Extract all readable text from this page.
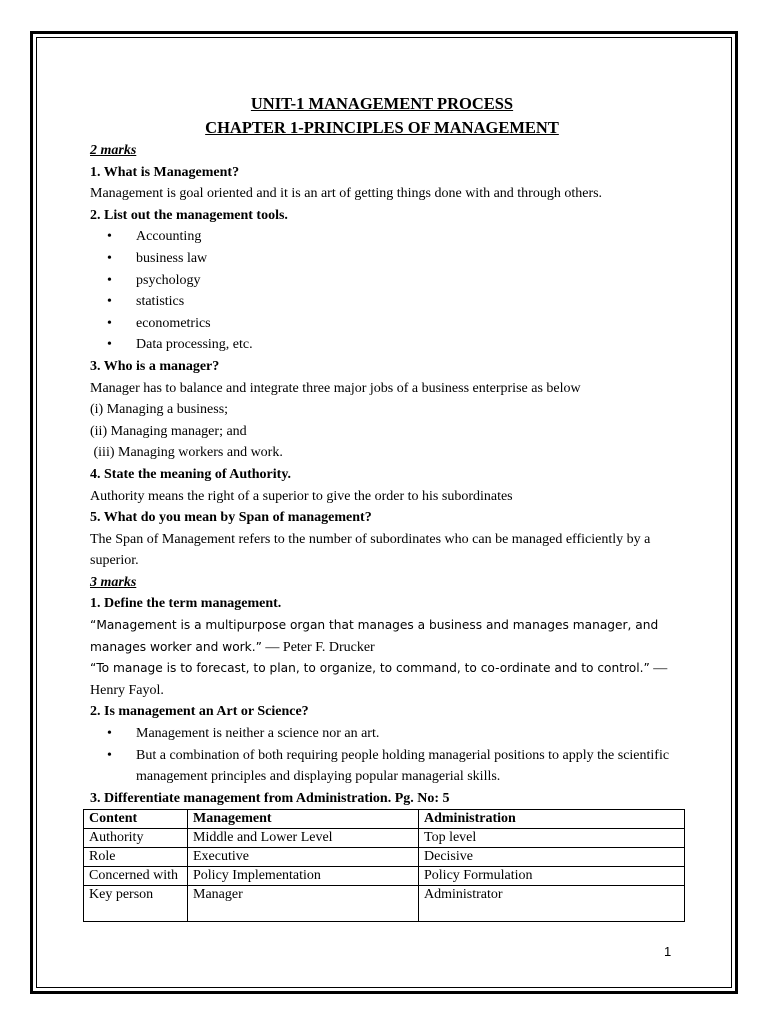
UNIT-1 MANAGEMENT PROCESS
CHAPTER 1-PRINCIPLES OF MANAGEMENT
2 marks
1. What is Management?
Management is goal oriented and it is an art of getting things done with and through others.
2. List out the management tools.
• Accounting
• business law
• psychology
• statistics
• econometrics
• Data processing, etc.
3. Who is a manager?
Manager has to balance and integrate three major jobs of a business enterprise as below
(i) Managing a business;
(ii) Managing manager; and
(iii) Managing workers and work.
4. State the meaning of Authority.
Authority means the right of a superior to give the order to his subordinates
5. What do you mean by Span of management?
The Span of Management refers to the number of subordinates who can be managed efficiently by a superior.
3 marks
1. Define the term management.
“Management is a multipurpose organ that manages a business and manages manager, and manages worker and work.” — Peter F. Drucker
“To manage is to forecast, to plan, to organize, to command, to co-ordinate and to control.” — Henry Fayol.
2. Is management an Art or Science?
• Management is neither a science nor an art.
• But a combination of both requiring people holding managerial positions to apply the scientific management principles and displaying popular managerial skills.
3. Differentiate management from Administration. Pg. No: 5
Content	Management	Administration
Authority	Middle and Lower Level	Top level
Role	Executive	Decisive
Concerned with	Policy Implementation	Policy Formulation
Key person	Manager	Administrator
1
